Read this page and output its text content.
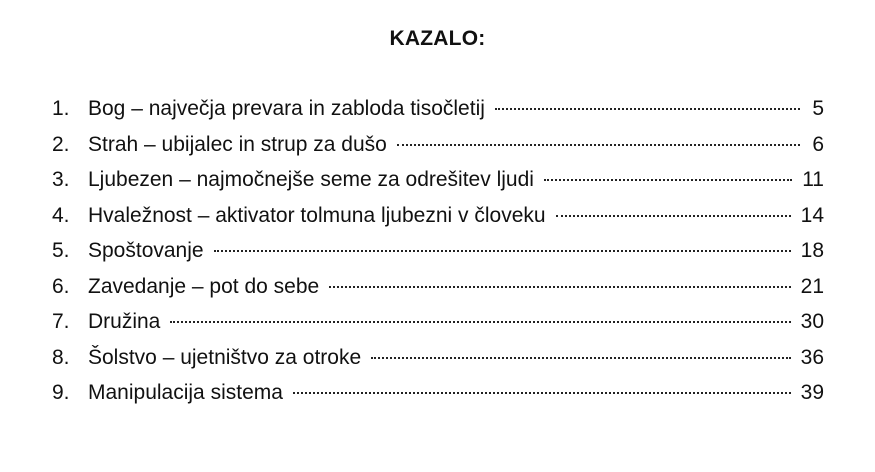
KAZALO:
1. Bog – največja prevara in zabloda tisočletij	5
2. Strah – ubijalec in strup za dušo	6
3. Ljubezen – najmočnejše seme za odrešitev ljudi	11
4. Hvaležnost – aktivator tolmuna ljubezni v človeku	14
5. Spoštovanje	18
6. Zavedanje – pot do sebe	21
7. Družina	30
8. Šolstvo – ujetništvo za otroke	36
9. Manipulacija sistema	39
